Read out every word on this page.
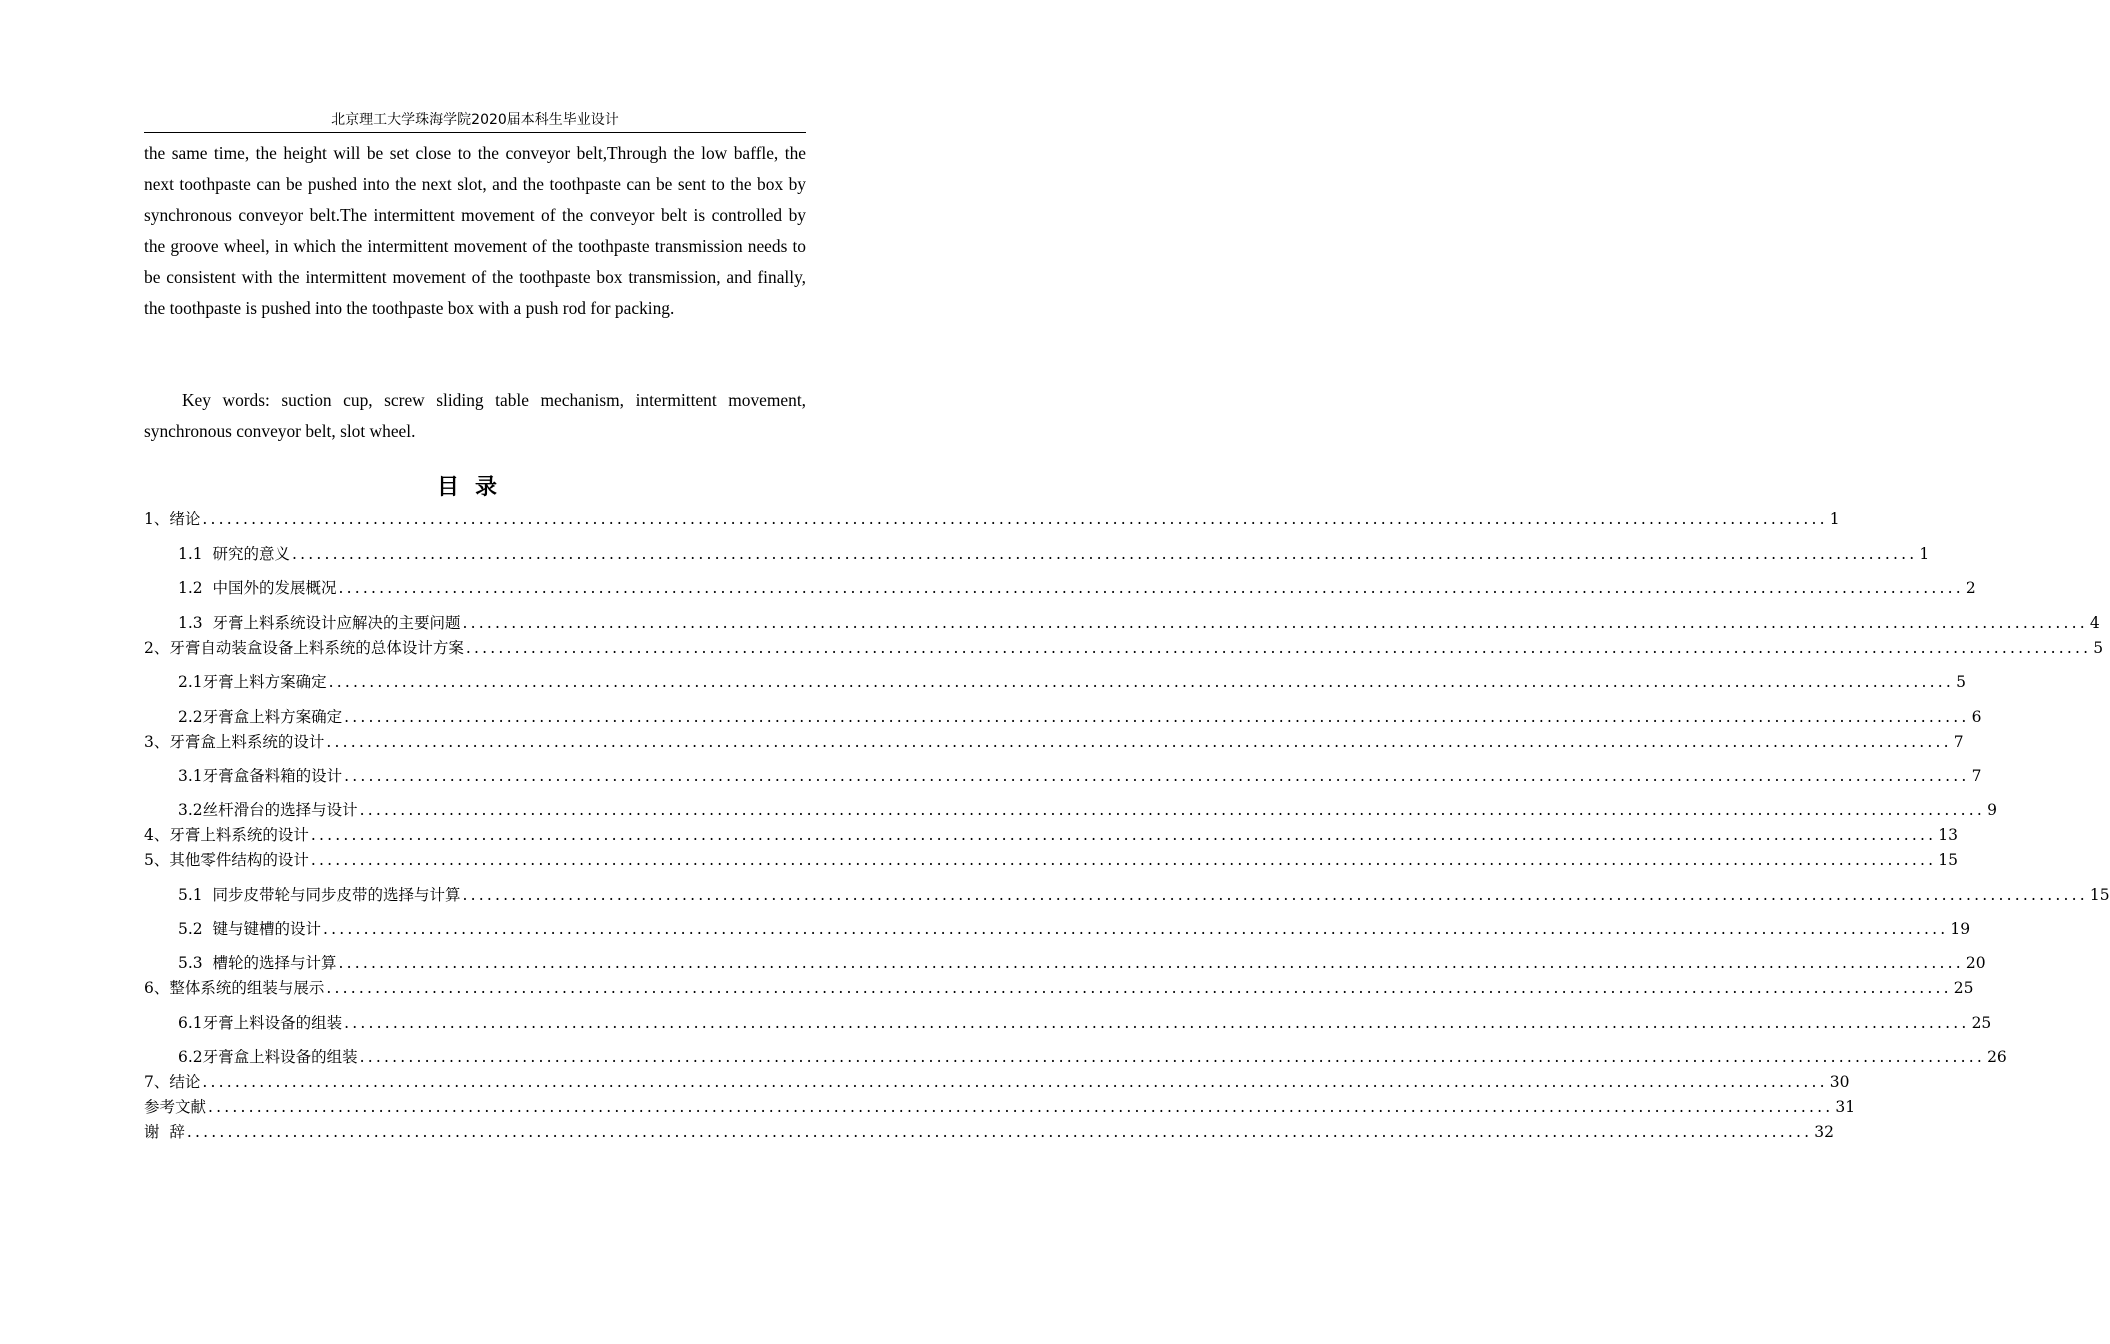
北京理工大学珠海学院2020届本科生毕业设计

the same time, the height will be set close to the conveyor belt,Through the low baffle, the next toothpaste can be pushed into the next slot, and the toothpaste can be sent to the box by synchronous conveyor belt.The intermittent movement of the conveyor belt is controlled by the groove wheel, in which the intermittent movement of the toothpaste transmission needs to be consistent with the intermittent movement of the toothpaste box transmission, and finally, the toothpaste is pushed into the toothpaste box with a push rod for packing.

Key words: suction cup, screw sliding table mechanism, intermittent movement, synchronous conveyor belt, slot wheel.

目录
1、绪论 ........................................................................................................................................................................................................ 1
1.1  研究的意义 ........................................................................................................................................................................................................ 1
1.2  中国外的发展概况 ........................................................................................................................................................................................................ 2
1.3  牙膏上料系统设计应解决的主要问题 ........................................................................................................................................................................................................ 4
2、牙膏自动装盒设备上料系统的总体设计方案 ........................................................................................................................................................................................................ 5
2.1牙膏上料方案确定 ........................................................................................................................................................................................................ 5
2.2牙膏盒上料方案确定 ........................................................................................................................................................................................................ 6
3、牙膏盒上料系统的设计 ........................................................................................................................................................................................................ 7
3.1牙膏盒备料箱的设计 ........................................................................................................................................................................................................ 7
3.2丝杆滑台的选择与设计 ........................................................................................................................................................................................................ 9
4、牙膏上料系统的设计 ........................................................................................................................................................................................................ 13
5、其他零件结构的设计 ........................................................................................................................................................................................................ 15
5.1  同步皮带轮与同步皮带的选择与计算 ........................................................................................................................................................................................................ 15
5.2  键与键槽的设计 ........................................................................................................................................................................................................ 19
5.3  槽轮的选择与计算 ........................................................................................................................................................................................................ 20
6、整体系统的组装与展示 ........................................................................................................................................................................................................ 25
6.1牙膏上料设备的组装 ........................................................................................................................................................................................................ 25
6.2牙膏盒上料设备的组装 ........................................................................................................................................................................................................ 26
7、结论 ........................................................................................................................................................................................................ 30
参考文献 ........................................................................................................................................................................................................ 31
谢  辞 ........................................................................................................................................................................................................ 32
